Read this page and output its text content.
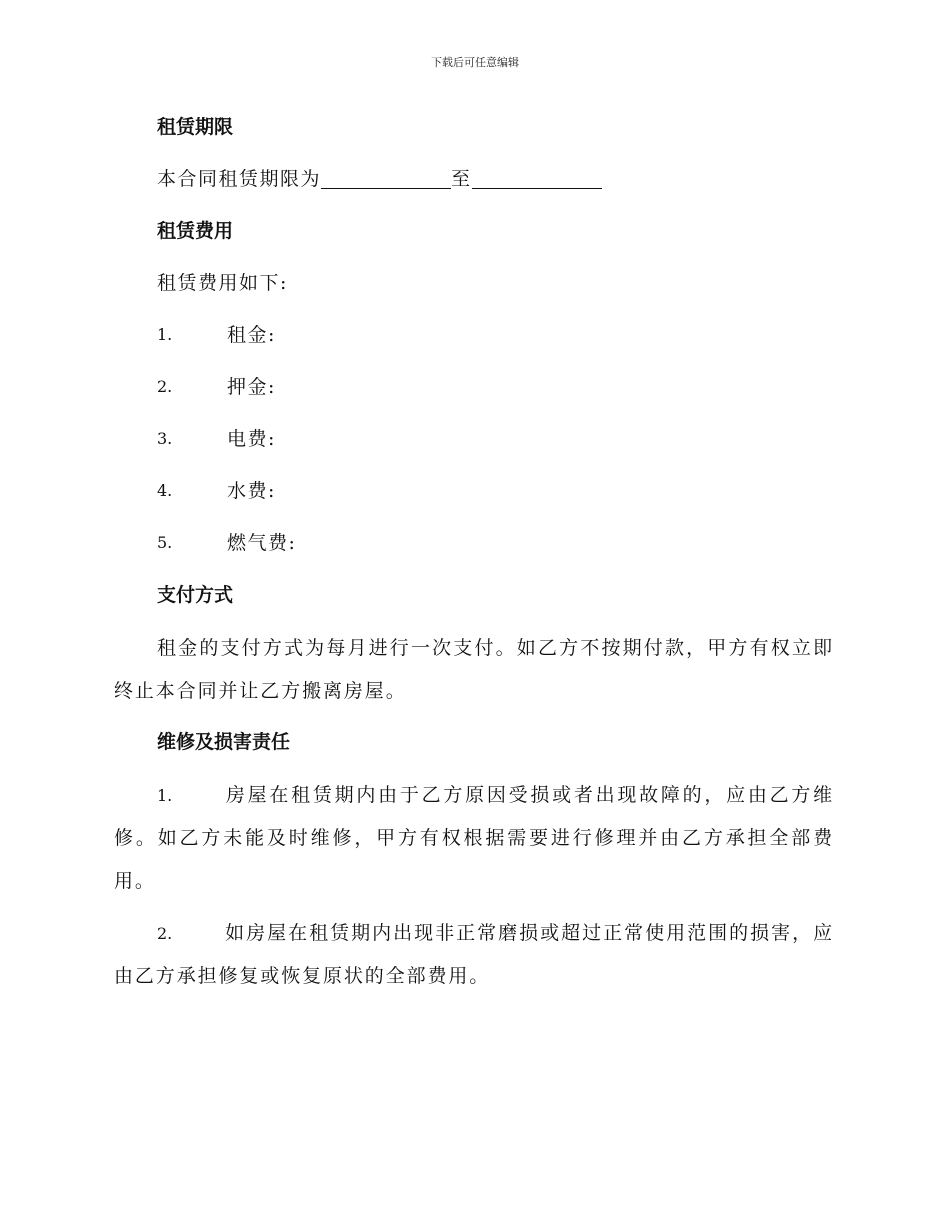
下载后可任意编辑

租赁期限

本合同租赁期限为	至

租赁费用

租赁费用如下:

1.	租金:
2.	押金:
3.	电费:
4.	水费:
5.	燃气费:

支付方式

租金的支付方式为每月进行一次支付。如乙方不按期付款，甲方有权立即终止本合同并让乙方搬离房屋。

维修及损害责任

1.	房屋在租赁期内由于乙方原因受损或者出现故障的，应由乙方维修。如乙方未能及时维修，甲方有权根据需要进行修理并由乙方承担全部费用。

2.	如房屋在租赁期内出现非正常磨损或超过正常使用范围的损害，应由乙方承担修复或恢复原状的全部费用。
